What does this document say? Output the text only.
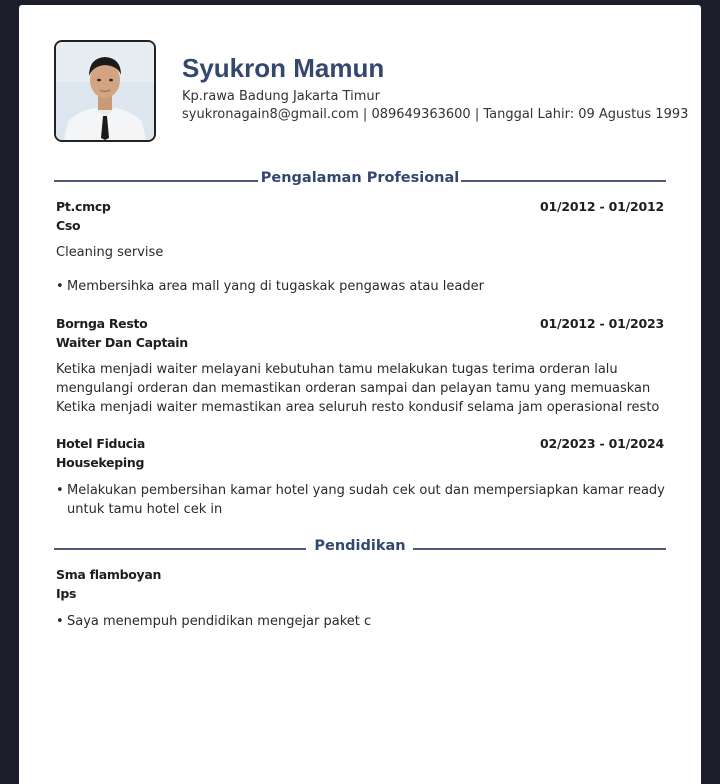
Syukron Mamun
Kp.rawa Badung Jakarta Timur
syukronagain8@gmail.com | 089649363600 | Tanggal Lahir: 09 Agustus 1993
Pengalaman Profesional
Pt.cmcp	01/2012 - 01/2012
Cso
Cleaning servise
• Membersihka area mall yang di tugaskak pengawas atau leader
Bornga Resto	01/2012 - 01/2023
Waiter Dan Captain
Ketika menjadi waiter melayani kebutuhan tamu melakukan tugas terima orderan lalu
mengulangi orderan dan memastikan orderan sampai dan pelayan tamu yang memuaskan
Ketika menjadi waiter memastikan area seluruh resto kondusif selama jam operasional resto
Hotel Fiducia	02/2023 - 01/2024
Housekeping
• Melakukan pembersihan kamar hotel yang sudah cek out dan mempersiapkan kamar ready
untuk tamu hotel cek in
Pendidikan
Sma flamboyan
Ips
• Saya menempuh pendidikan mengejar paket c
